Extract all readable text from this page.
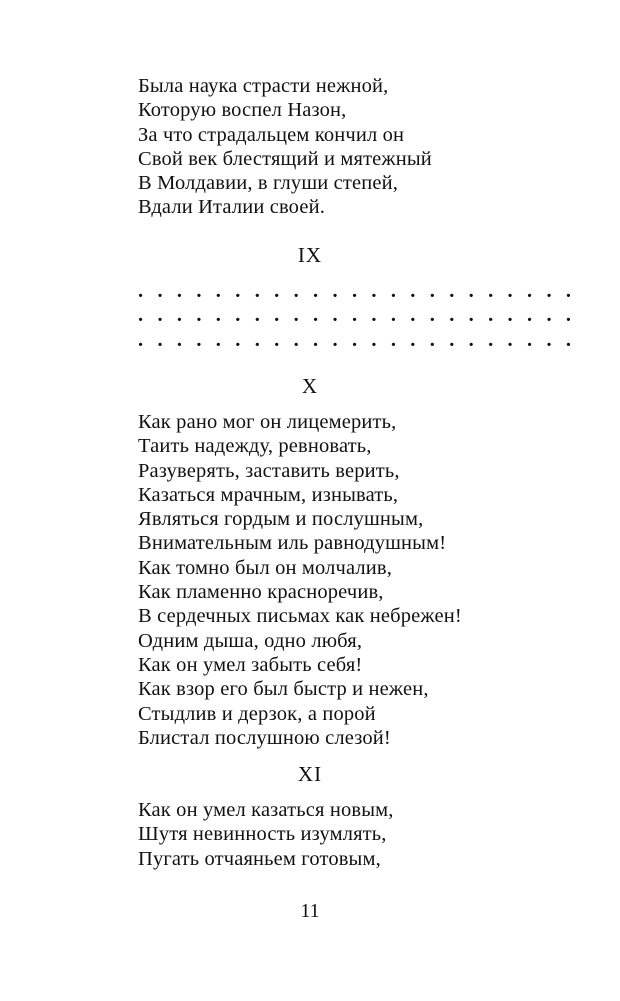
Была наука страсти нежной,
Которую воспел Назон,
За что страдальцем кончил он
Свой век блестящий и мятежный
В Молдавии, в глуши степей,
Вдали Италии своей.
IX
. . . . . . . . . . . . . . . . . . . . . . .
. . . . . . . . . . . . . . . . . . . . . . .
. . . . . . . . . . . . . . . . . . . . . . .
X
Как рано мог он лицемерить,
Таить надежду, ревновать,
Разуверять, заставить верить,
Казаться мрачным, изнывать,
Являться гордым и послушным,
Внимательным иль равнодушным!
Как томно был он молчалив,
Как пламенно красноречив,
В сердечных письмах как небрежен!
Одним дыша, одно любя,
Как он умел забыть себя!
Как взор его был быстр и нежен,
Стыдлив и дерзок, а порой
Блистал послушною слезой!
XI
Как он умел казаться новым,
Шутя невинность изумлять,
Пугать отчаяньем готовым,
11
